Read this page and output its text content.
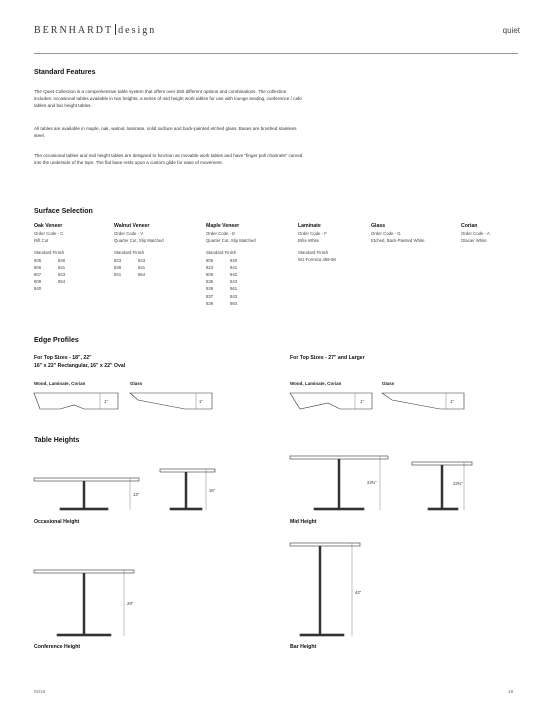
BERNHARDT design	quiet
Standard Features

The Quiet Collection is a comprehensive table system that offers over 550 different options and combinations. The collection includes: occasional tables available in two heights, a series of mid height work tables for use with lounge seating, conference / cafe tables and bar height tables.

All tables are available in maple, oak, walnut, laminate, solid surface and back-painted etched glass. Bases are brushed stainless steel.

The occasional tables and mid height tables are designed to function as movable work tables and have "finger pull channels" carved into the underside of the tops. The flat base rests upon a custom glide for ease of movement.

Surface Selection
Oak Veneer
Order Code - C
Rift Cut
Standard Finish
805	840
806	841
807	843
809	864
840
Walnut Veneer
Order Code - V
Quarter Cut, Slip Matched
Standard Finish
823	843
839	841
841	864
Maple Veneer
Order Code - E
Quarter Cut, Slip Matched
Standard Finish
805	840
823	841
806	842
835	843
836	861
837	843
839	864
Laminate
Order Code - F
Brite White
Standard Finish
W1 Formica 459-58
Glass
Order Code - G
Etched, Back-Painted White
Corian
Order Code - A
Glacier White
Edge Profiles
For Top Sizes - 18", 22"
16" x 22" Rectangular, 16" x 22" Oval
For Top Sizes - 27" and Larger
Wood, Laminate, Corian	Glass	Wood, Laminate, Corian	Glass
1"	1"	1"	1"
13"
16"
23¾"	23¾"
29"
42"
Table Heights
Occasional Height	Mid Height
Conference Height	Bar Height
02/16	19
